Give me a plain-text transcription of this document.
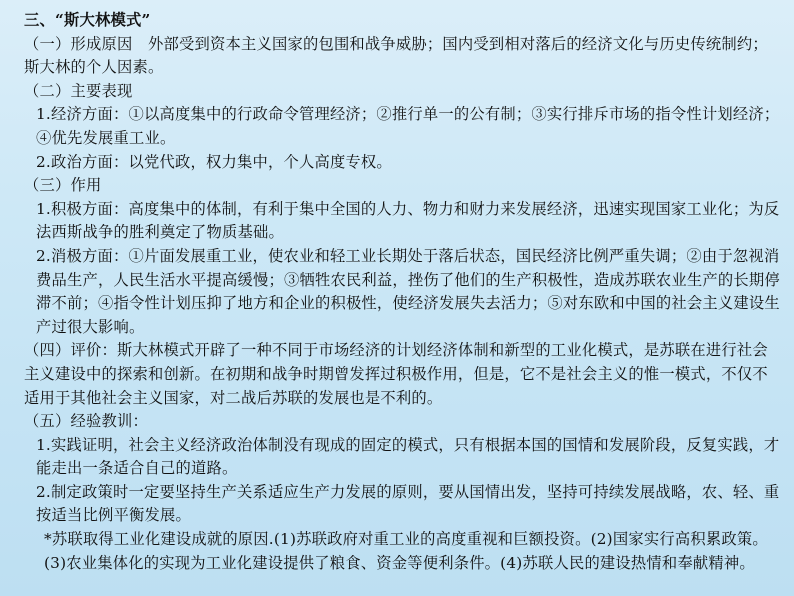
三、“斯大林模式”

（一）形成原因　外部受到资本主义国家的包围和战争威胁；国内受到相对落后的经济文化与历史传统制约；斯大林的个人因素。

（二）主要表现

1.经济方面：①以高度集中的行政命令管理经济；②推行单一的公有制；③实行排斥市场的指令性计划经济；④优先发展重工业。

2.政治方面：以党代政，权力集中，个人高度专权。

（三）作用

1.积极方面：高度集中的体制，有利于集中全国的人力、物力和财力来发展经济，迅速实现国家工业化；为反法西斯战争的胜利奠定了物质基础。

2.消极方面：①片面发展重工业，使农业和轻工业长期处于落后状态，国民经济比例严重失调；②由于忽视消费品生产，人民生活水平提高缓慢；③牺牲农民利益，挫伤了他们的生产积极性，造成苏联农业生产的长期停滞不前；④指令性计划压抑了地方和企业的积极性，使经济发展失去活力；⑤对东欧和中国的社会主义建设生产过很大影响。

（四）评价：斯大林模式开辟了一种不同于市场经济的计划经济体制和新型的工业化模式，是苏联在进行社会主义建设中的探索和创新。在初期和战争时期曾发挥过积极作用，但是，它不是社会主义的惟一模式，不仅不适用于其他社会主义国家，对二战后苏联的发展也是不利的。

（五）经验教训：

1.实践证明，社会主义经济政治体制没有现成的固定的模式，只有根据本国的国情和发展阶段，反复实践，才能走出一条适合自己的道路。

2.制定政策时一定要坚持生产关系适应生产力发展的原则，要从国情出发，坚持可持续发展战略，农、轻、重按适当比例平衡发展。

*苏联取得工业化建设成就的原因.(1)苏联政府对重工业的高度重视和巨额投资。(2)国家实行高积累政策。(3)农业集体化的实现为工业化建设提供了粮食、资金等便利条件。(4)苏联人民的建设热情和奉献精神。
